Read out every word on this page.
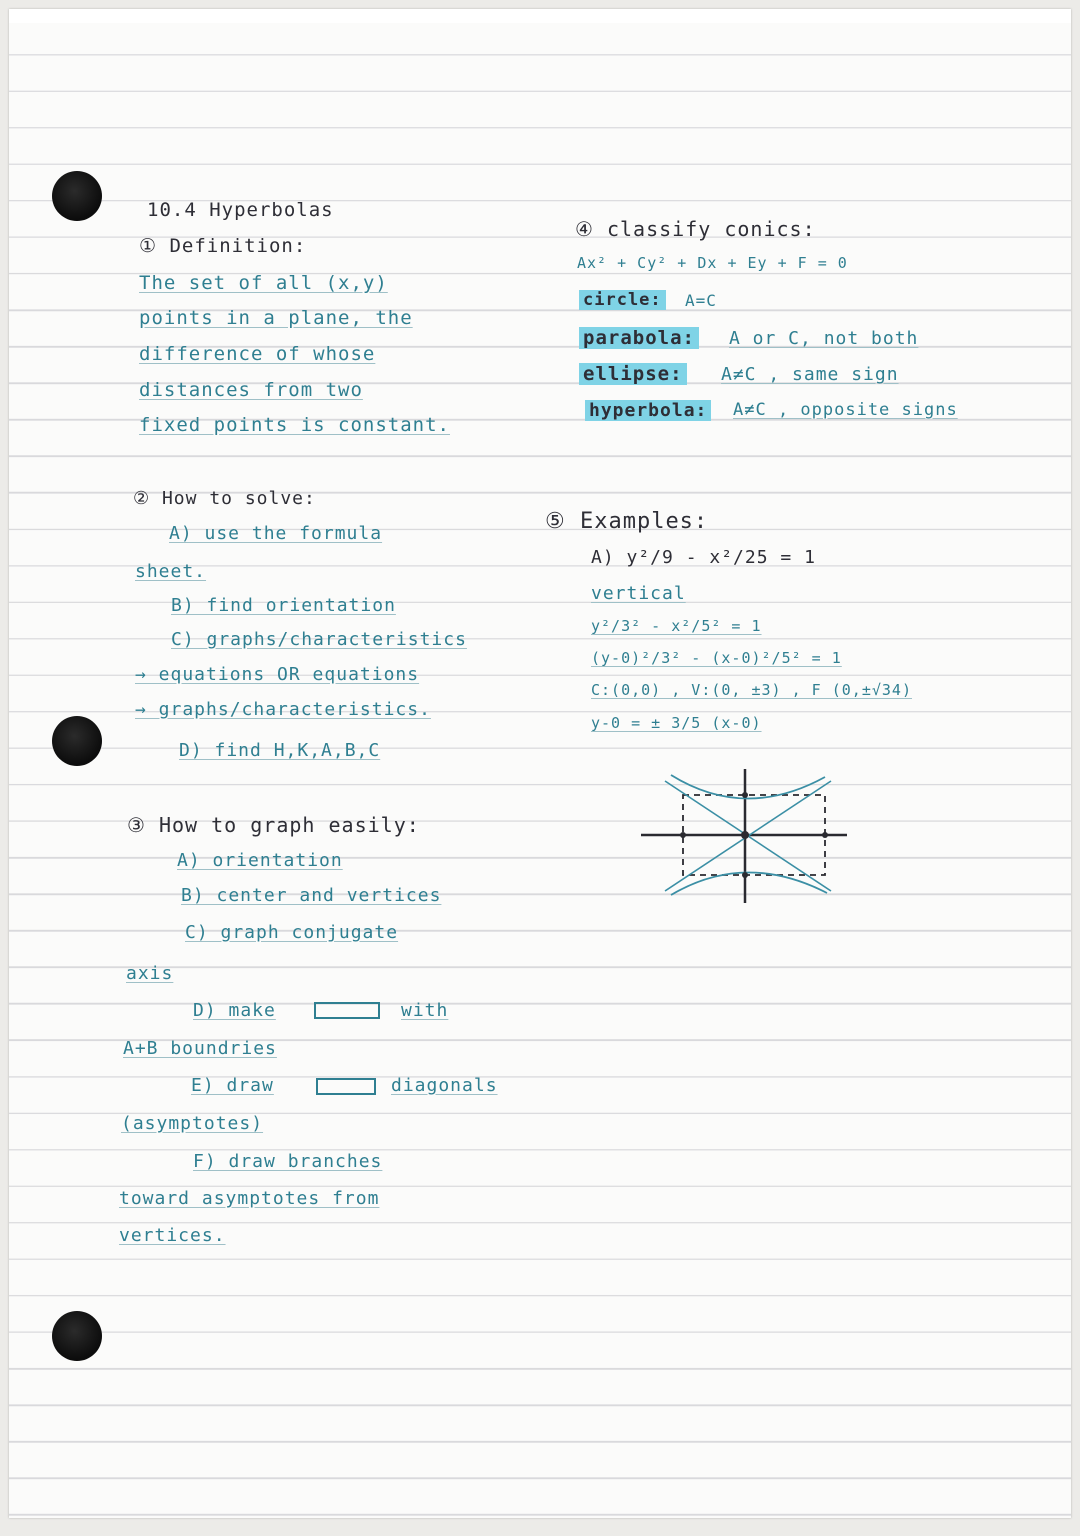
10.4 Hyperbolas
① Definition:
The set of all (x,y)
points in a plane, the
difference of whose
distances from two
fixed points is constant.
② How to solve:
A) use the formula
sheet.
B) find orientation
C) graphs/characteristics
→ equations OR equations
→ graphs/characteristics.
D) find H,K,A,B,C
③ How to graph easily:
A) orientation
B) center and vertices
C) graph conjugate
axis
D) make	with
A+B boundries
E) draw	diagonals
(asymptotes)
F) draw branches
toward asymptotes from
vertices.
④ classify conics:
Ax² + Cy² + Dx + Ey + F = 0
circle: A=C
parabola: A or C, not both
ellipse: A≠C , same sign
hyperbola: A≠C , opposite signs
⑤ Examples:
A) y²/9 - x²/25 = 1
vertical
y²/3² - x²/5² = 1
(y-0)²/3² - (x-0)²/5² = 1
C:(0,0) , V:(0, ±3) , F (0,±√34)
y-0 = ± 3/5 (x-0)
